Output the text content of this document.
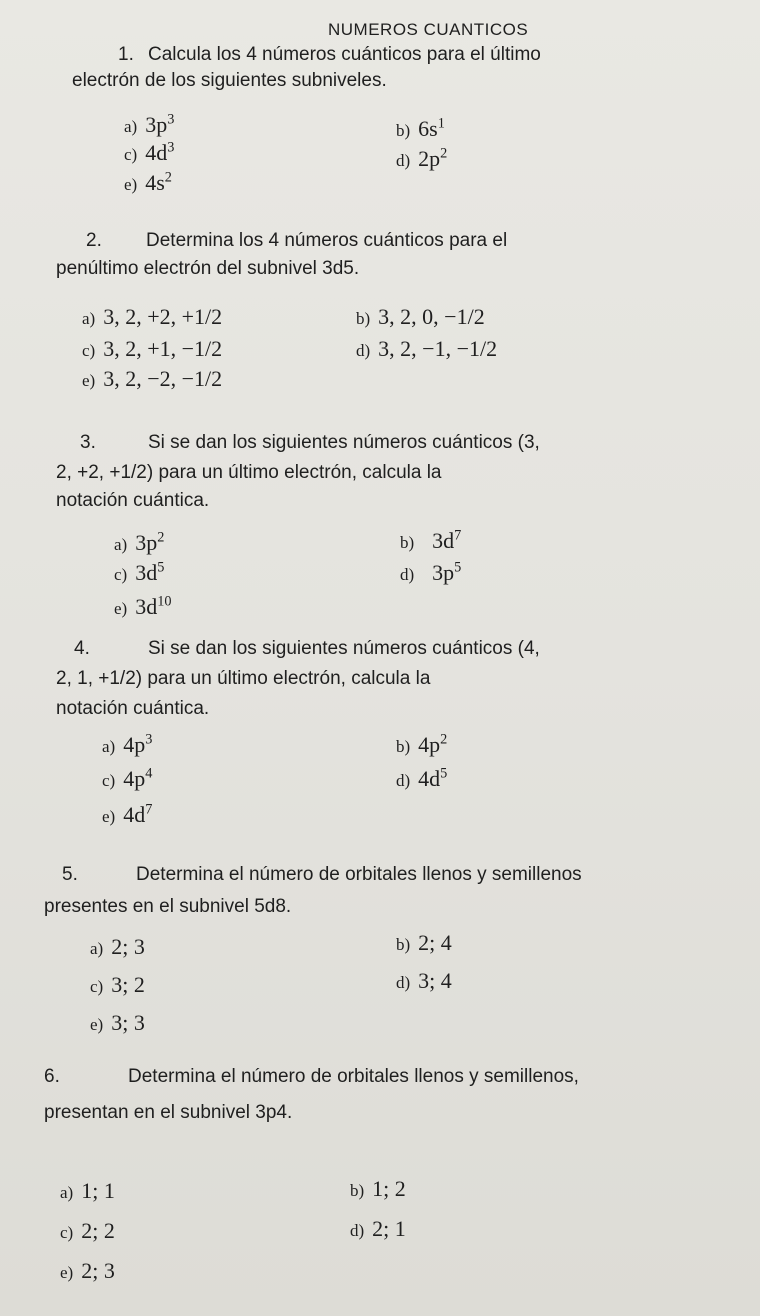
NUMEROS CUANTICOS
1. Calcula los 4 números cuánticos para el último
electrón de los siguientes subniveles.
a) $3p^3$
b) $6s^1$
c) $4d^3$
d) $2p^2$
e) $4s^2$
2. Determina los 4 números cuánticos para el
penúltimo electrón del subnivel 3d5.
a) 3, 2, +2, +1/2	b) 3, 2, 0, −1/2
c) 3, 2, +1, −1/2	d) 3, 2, −1, −1/2
e) 3, 2, −2, −1/2
3.	Si se dan los siguientes números cuánticos (3,
2, +2, +1/2) para un último electrón, calcula la
notación cuántica.
a) $3p^2$	b) $3d^7$
c) $3d^5$	d) $3p^5$
e) $3d^{10}$
4.	Si se dan los siguientes números cuánticos (4,
2, 1, +1/2) para un último electrón, calcula la
notación cuántica.
a) $4p^3$	b) $4p^2$
c) $4p^4$	d) $4d^5$
e) $4d^7$
5.	Determina el número de orbitales llenos y semillenos
presentes en el subnivel 5d8.
a) 2; 3	b) 2; 4
c) 3; 2	d) 3; 4
e) 3; 3
6.	Determina el número de orbitales llenos y semillenos,
presentan en el subnivel 3p4.
a) 1; 1	b) 1; 2
c) 2; 2	d) 2; 1
e) 2; 3
